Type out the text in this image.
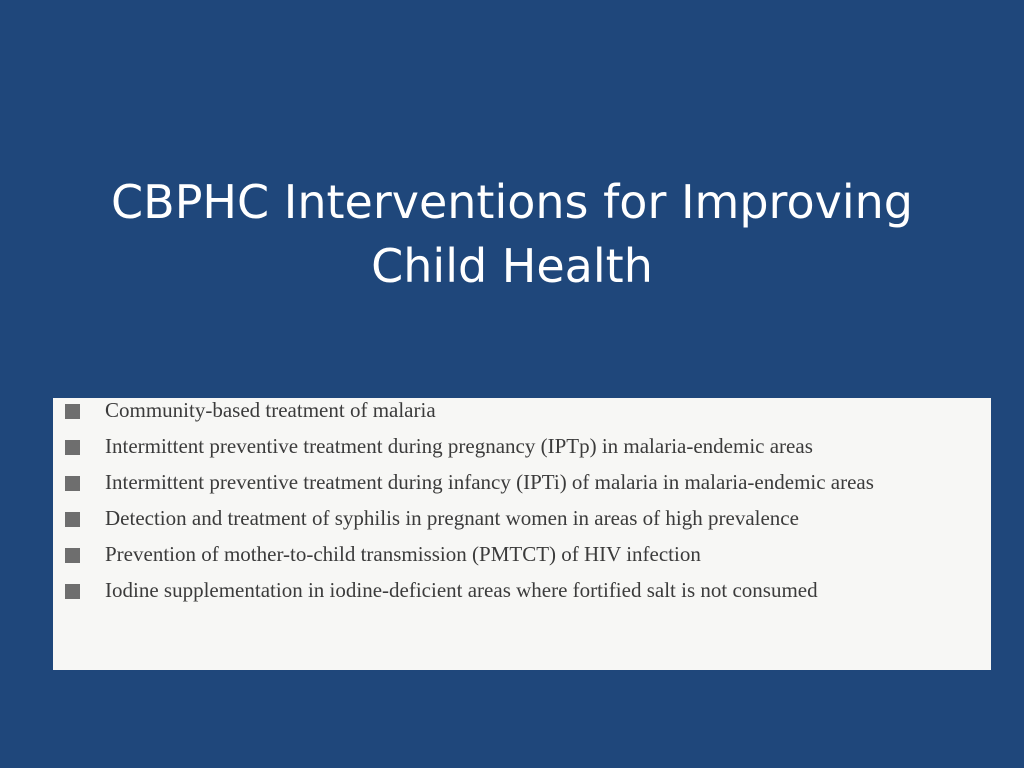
CBPHC Interventions for Improving
Child Health
Community-based treatment of malaria
Intermittent preventive treatment during pregnancy (IPTp) in malaria-endemic areas
Intermittent preventive treatment during infancy (IPTi) of malaria in malaria-endemic areas
Detection and treatment of syphilis in pregnant women in areas of high prevalence
Prevention of mother-to-child transmission (PMTCT) of HIV infection
Iodine supplementation in iodine-deficient areas where fortified salt is not consumed
